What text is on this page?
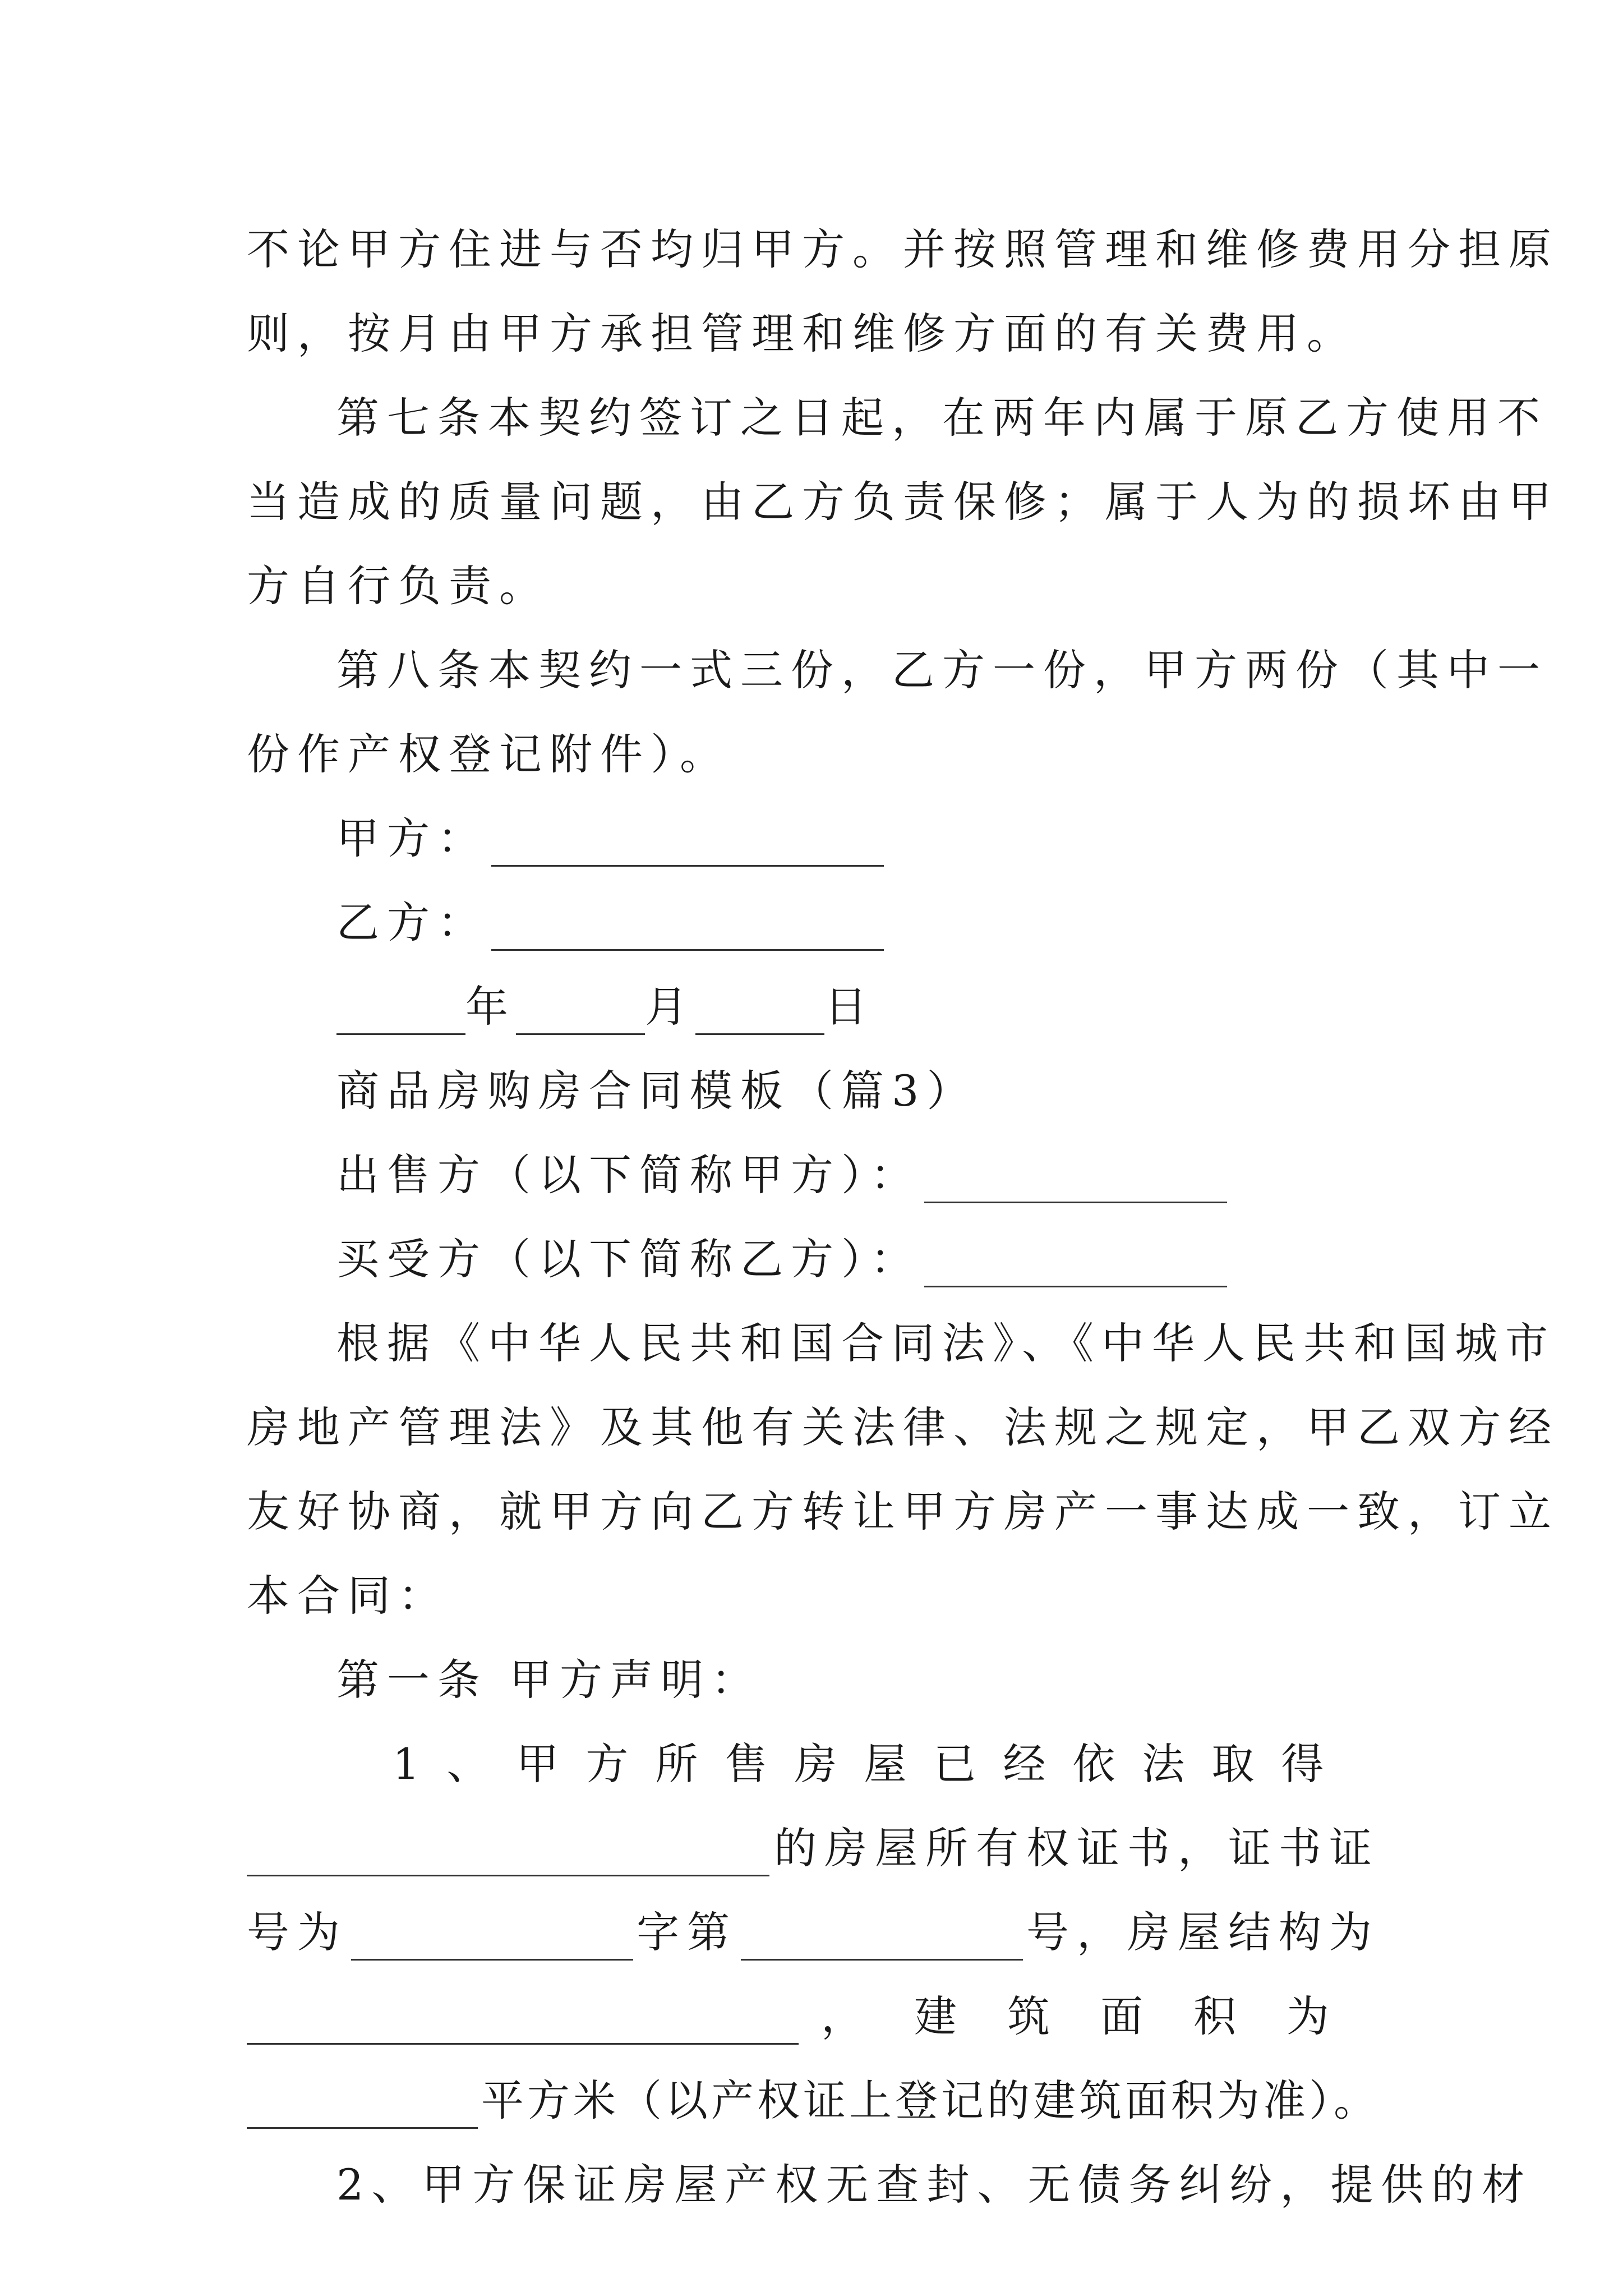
不论甲方住进与否均归甲方。并按照管理和维修费用分担原
则，按月由甲方承担管理和维修方面的有关费用。
第七条本契约签订之日起，在两年内属于原乙方使用不
当造成的质量问题，由乙方负责保修；属于人为的损坏由甲
方自行负责。
第八条本契约一式三份，乙方一份，甲方两份（其中一
份作产权登记附件）。
甲方：
乙方：
年	月	日
商品房购房合同模板（篇3）
出售方（以下简称甲方）：
买受方（以下简称乙方）：
根据《中华人民共和国合同法》、《中华人民共和国城市
房地产管理法》及其他有关法律、法规之规定，甲乙双方经
友好协商，就甲方向乙方转让甲方房产一事达成一致，订立
本合同：
第一条 甲方声明：
1、甲方所售房屋已经依法取得
的房屋所有权证书，证书证
号为	字第	号，房屋结构为
，建筑面积为
平方米（以产权证上登记的建筑面积为准）。
2、甲方保证房屋产权无查封、无债务纠纷，提供的材
